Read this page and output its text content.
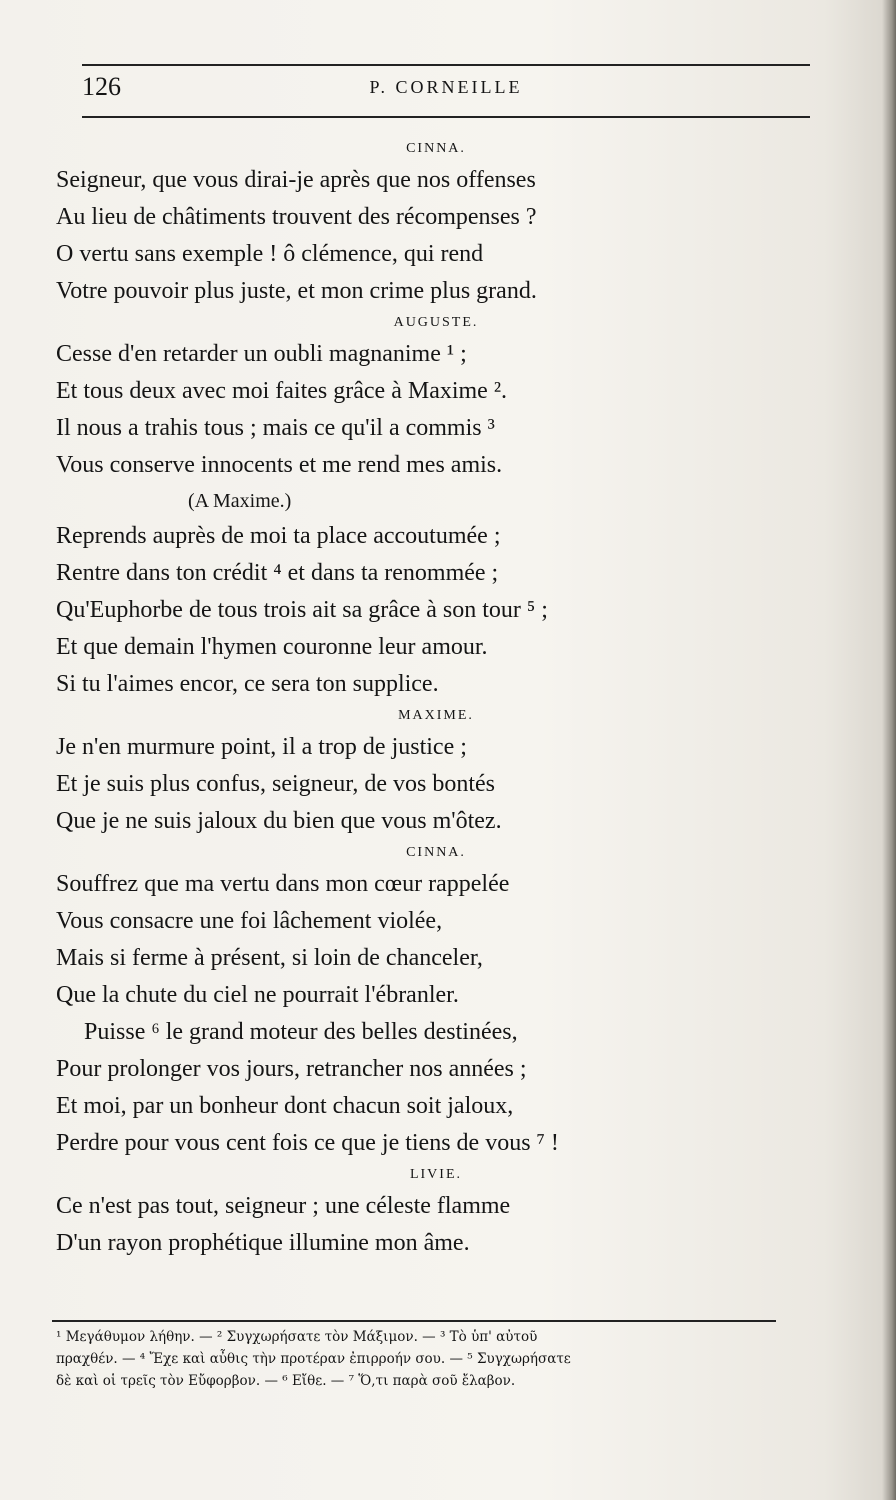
126	P. CORNEILLE
CINNA.
Seigneur, que vous dirai-je après que nos offenses
Au lieu de châtiments trouvent des récompenses ?
O vertu sans exemple ! ô clémence, qui rend
Votre pouvoir plus juste, et mon crime plus grand.
AUGUSTE.
Cesse d'en retarder un oubli magnanime ¹ ;
Et tous deux avec moi faites grâce à Maxime ².
Il nous a trahis tous ; mais ce qu'il a commis ³
Vous conserve innocents et me rend mes amis.
(A Maxime.)
Reprends auprès de moi ta place accoutumée ;
Rentre dans ton crédit ⁴ et dans ta renommée ;
Qu'Euphorbe de tous trois ait sa grâce à son tour ⁵ ;
Et que demain l'hymen couronne leur amour.
Si tu l'aimes encor, ce sera ton supplice.
MAXIME.
Je n'en murmure point, il a trop de justice ;
Et je suis plus confus, seigneur, de vos bontés
Que je ne suis jaloux du bien que vous m'ôtez.
CINNA.
Souffrez que ma vertu dans mon cœur rappelée
Vous consacre une foi lâchement violée,
Mais si ferme à présent, si loin de chanceler,
Que la chute du ciel ne pourrait l'ébranler.
Puisse ⁶ le grand moteur des belles destinées,
Pour prolonger vos jours, retrancher nos années ;
Et moi, par un bonheur dont chacun soit jaloux,
Perdre pour vous cent fois ce que je tiens de vous ⁷ !
LIVIE.
Ce n'est pas tout, seigneur ; une céleste flamme
D'un rayon prophétique illumine mon âme.
¹ Μεγάθυμον λήθην. — ² Συγχωρήσατε τὸν Μάξιμον. — ³ Τὸ ὑπ' αὐτοῦ
πραχθέν. — ⁴ Ἔχε καὶ αὖθις τὴν προτέραν ἐπιρροήν σου. — ⁵ Συγχωρήσατε
δὲ καὶ οἱ τρεῖς τὸν Εὔφορβον. — ⁶ Εἴθε. — ⁷ Ὅ,τι παρὰ σοῦ ἔλαβον.
